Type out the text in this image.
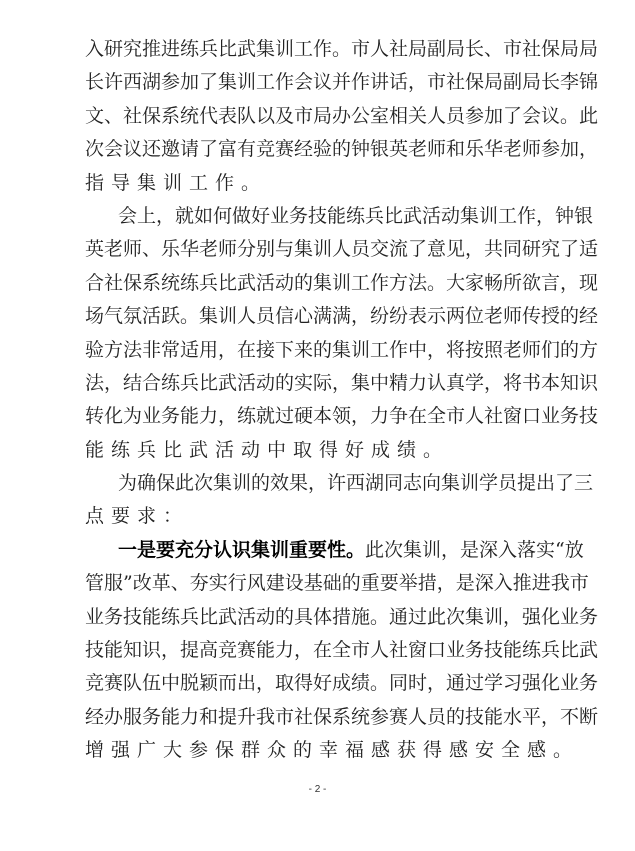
入研究推进练兵比武集训工作。市人社局副局长、市社保局局
长许西湖参加了集训工作会议并作讲话，市社保局副局长李锦
文、社保系统代表队以及市局办公室相关人员参加了会议。此
次会议还邀请了富有竞赛经验的钟银英老师和乐华老师参加，
指导集训工作。
会上，就如何做好业务技能练兵比武活动集训工作，钟银
英老师、乐华老师分别与集训人员交流了意见，共同研究了适
合社保系统练兵比武活动的集训工作方法。大家畅所欲言，现
场气氛活跃。集训人员信心满满，纷纷表示两位老师传授的经
验方法非常适用，在接下来的集训工作中，将按照老师们的方
法，结合练兵比武活动的实际，集中精力认真学，将书本知识
转化为业务能力，练就过硬本领，力争在全市人社窗口业务技
能练兵比武活动中取得好成绩。
为确保此次集训的效果，许西湖同志向集训学员提出了三
点要求：
一是要充分认识集训重要性。此次集训，是深入落实“放
管服”改革、夯实行风建设基础的重要举措，是深入推进我市
业务技能练兵比武活动的具体措施。通过此次集训，强化业务
技能知识，提高竞赛能力，在全市人社窗口业务技能练兵比武
竞赛队伍中脱颖而出，取得好成绩。同时，通过学习强化业务
经办服务能力和提升我市社保系统参赛人员的技能水平，不断
增强广大参保群众的幸福感获得感安全感。
- 2 -
